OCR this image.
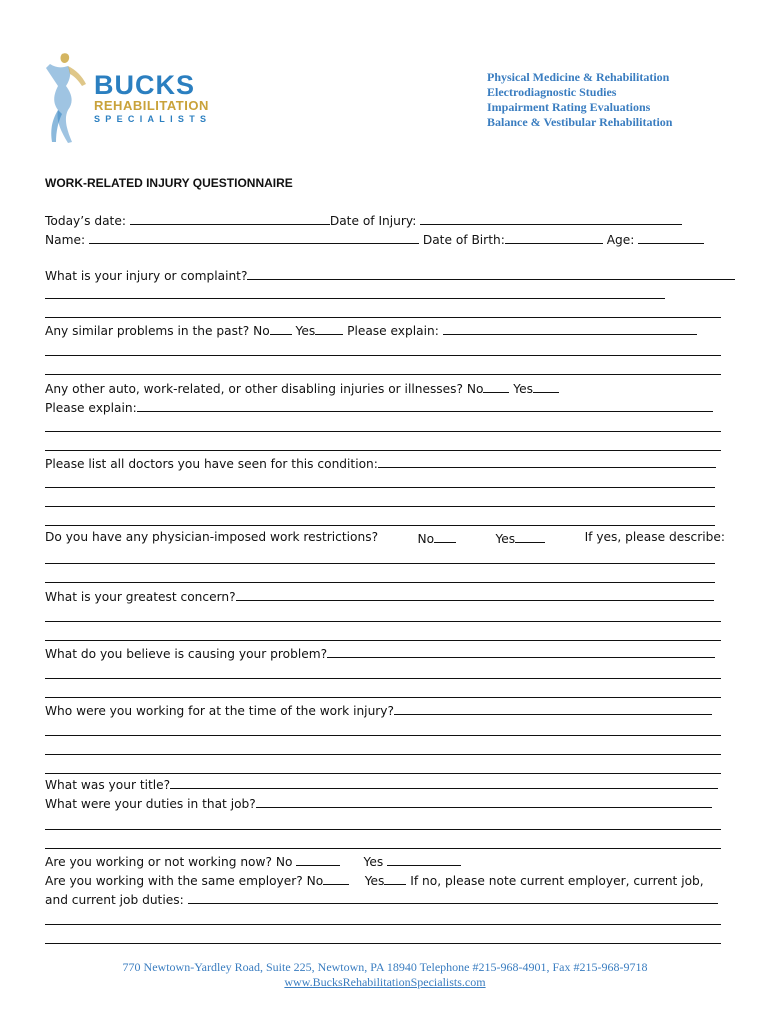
BUCKS
REHABILITATION
SPECIALISTS
Physical Medicine & Rehabilitation
Electrodiagnostic Studies
Impairment Rating Evaluations
Balance & Vestibular Rehabilitation
WORK-RELATED INJURY QUESTIONNAIRE
Today’s date:	Date of Injury:
Name:	Date of Birth:	Age:
What is your injury or complaint?
Any similar problems in the past? No Yes	Please explain:
Any other auto, work-related, or other disabling injuries or illnesses? No Yes
Please explain:
Please list all doctors you have seen for this condition:
Do you have any physician-imposed work restrictions?	No	Yes	If yes, please describe:
What is your greatest concern?
What do you believe is causing your problem?
Who were you working for at the time of the work injury?
What was your title?
What were your duties in that job?
Are you working or not working now? No	Yes
Are you working with the same employer? No	Yes If no, please note current employer, current job,
and current job duties:
770 Newtown-Yardley Road, Suite 225, Newtown, PA 18940 Telephone #215-968-4901, Fax #215-968-9718
www.BucksRehabilitationSpecialists.com
